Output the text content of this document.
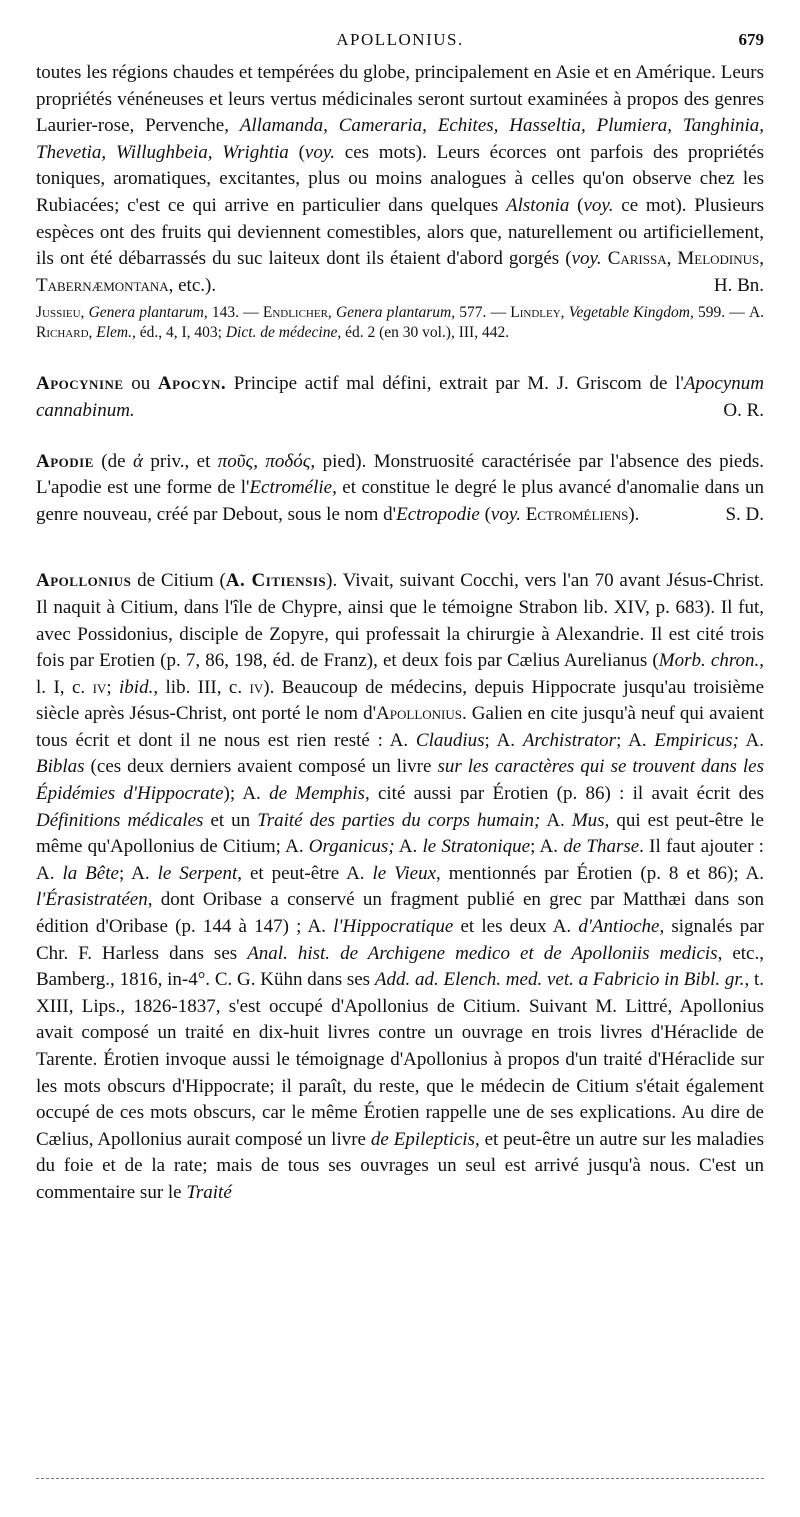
APOLLONIUS.	679

toutes les régions chaudes et tempérées du globe, principalement en Asie et en Amérique. Leurs propriétés vénéneuses et leurs vertus médicinales seront surtout examinées à propos des genres Laurier-rose, Pervenche, Allamanda, Cameraria, Echites, Hasseltia, Plumiera, Tanghinia, Thevetia, Willughbeia, Wrightia (voy. ces mots). Leurs écorces ont parfois des propriétés toniques, aromatiques, excitantes, plus ou moins analogues à celles qu'on observe chez les Rubiacées; c'est ce qui arrive en particulier dans quelques Alstonia (voy. ce mot). Plusieurs espèces ont des fruits qui deviennent comestibles, alors que, naturellement ou artificiellement, ils ont été débarrassés du suc laiteux dont ils étaient d'abord gorgés (voy. Carissa, Melodinus, Tabernæmontana, etc.).	H. Bn.

Jussieu, Genera plantarum, 143. — Endlicher, Genera plantarum, 577. — Lindley, Vegetable Kingdom, 599. — A. Richard, Elem., éd., 4, I, 403; Dict. de médecine, éd. 2 (en 30 vol.), III, 442.

Apocynine ou Apocyn. Principe actif mal défini, extrait par M. J. Griscom de l'Apocynum cannabinum.	O. R.

Apodie (de ἀ priv., et ποῦς, ποδός, pied). Monstruosité caractérisée par l'absence des pieds. L'apodie est une forme de l'Ectromélie, et constitue le degré le plus avancé d'anomalie dans un genre nouveau, créé par Debout, sous le nom d'Ectropodie (voy. Ectroméliens).	S. D.

Apollonius de Citium (A. Citiensis). Vivait, suivant Cocchi, vers l'an 70 avant Jésus-Christ. Il naquit à Citium, dans l'île de Chypre, ainsi que le témoigne Strabon lib. XIV, p. 683). Il fut, avec Possidonius, disciple de Zopyre, qui professait la chirurgie à Alexandrie. Il est cité trois fois par Erotien (p. 7, 86, 198, éd. de Franz), et deux fois par Cælius Aurelianus (Morb. chron., l. I, c. iv; ibid., lib. III, c. iv). Beaucoup de médecins, depuis Hippocrate jusqu'au troisième siècle après Jésus-Christ, ont porté le nom d'Apollonius. Galien en cite jusqu'à neuf qui avaient tous écrit et dont il ne nous est rien resté : A. Claudius; A. Archistrator; A. Empiricus; A. Biblas (ces deux derniers avaient composé un livre sur les caractères qui se trouvent dans les Épidémies d'Hippocrate); A. de Memphis, cité aussi par Érotien (p. 86) : il avait écrit des Définitions médicales et un Traité des parties du corps humain; A. Mus, qui est peut-être le même qu'Apollonius de Citium; A. Organicus; A. le Stratonique; A. de Tharse. Il faut ajouter : A. la Bête; A. le Serpent, et peut-être A. le Vieux, mentionnés par Érotien (p. 8 et 86); A. l'Érasistratéen, dont Oribase a conservé un fragment publié en grec par Matthæi dans son édition d'Oribase (p. 144 à 147) ; A. l'Hippocratique et les deux A. d'Antioche, signalés par Chr. F. Harless dans ses Anal. hist. de Archigene medico et de Apolloniis medicis, etc., Bamberg., 1816, in-4°. C. G. Kühn dans ses Add. ad. Elench. med. vet. a Fabricio in Bibl. gr., t. XIII, Lips., 1826-1837, s'est occupé d'Apollonius de Citium. Suivant M. Littré, Apollonius avait composé un traité en dix-huit livres contre un ouvrage en trois livres d'Héraclide de Tarente. Érotien invoque aussi le témoignage d'Apollonius à propos d'un traité d'Héraclide sur les mots obscurs d'Hippocrate; il paraît, du reste, que le médecin de Citium s'était également occupé de ces mots obscurs, car le même Érotien rappelle une de ses explications. Au dire de Cælius, Apollonius aurait composé un livre de Epilepticis, et peut-être un autre sur les maladies du foie et de la rate; mais de tous ses ouvrages un seul est arrivé jusqu'à nous. C'est un commentaire sur le Traité
